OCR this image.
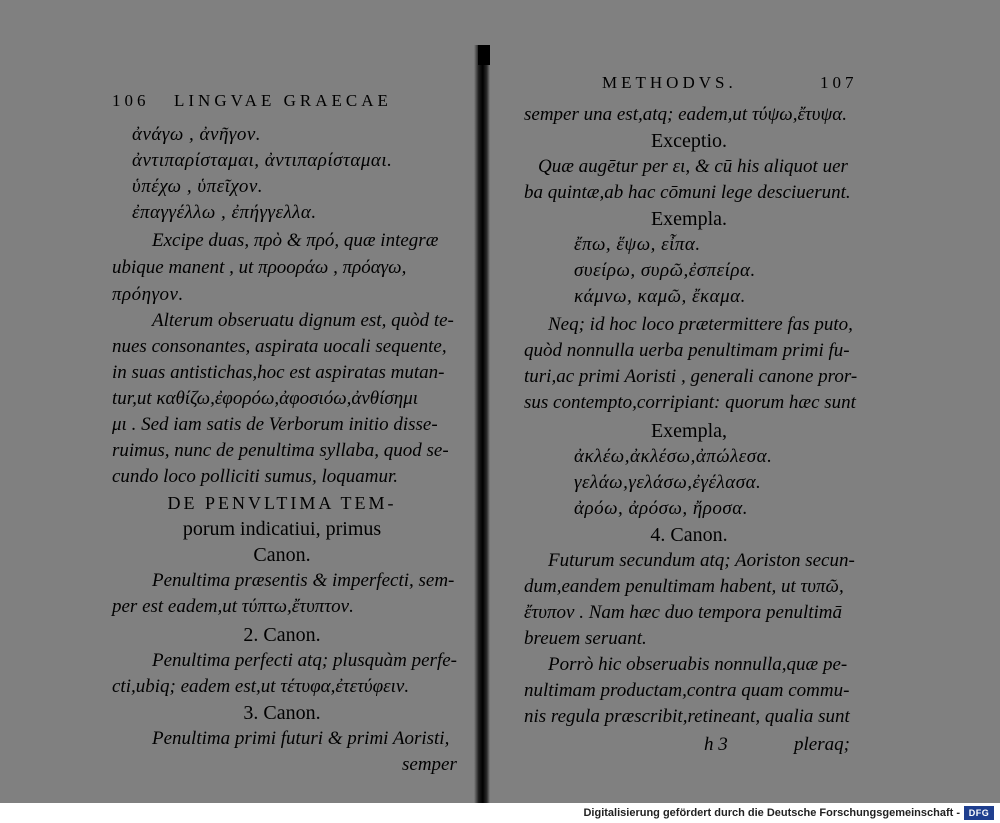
106 LINGVAE GRAECAE
ἀνάγω , ἀνῆγον.
ἀντιπαρίσταμαι, ἀντιπαρίσταμαι.
ὑπέχω , ὑπεῖχον.
ἐπαγγέλλω , ἐπήγγελλα.
Excipe duas, πρὸ & πρό, quæ integræ
ubique manent , ut προοράω , πρόαγω,
πρόηγον.
Alterum obseruatu dignum est, quòd te-
nues consonantes, aspirata uocali sequente,
in suas antistichas,hoc est aspiratas mutan-
tur,ut καθίζω,ἐφορόω,ἀφοσιόω,ἀνθίσημι
μι . Sed iam satis de Verborum initio disse-
ruimus, nunc de penultima syllaba, quod se-
cundo loco polliciti sumus, loquamur.
DE PENVLTIMA TEM-
porum indicatiui, primus
Canon.
Penultima præsentis & imperfecti, sem-
per est eadem,ut τύπτω,ἔτυπτον.
2. Canon.
Penultima perfecti atq; plusquàm perfe-
cti,ubiq; eadem est,ut τέτυφα,ἐτετύφειν.
3. Canon.
Penultima primi futuri & primi Aoristi,
semper
METHODVS.	107
semper una est,atq; eadem,ut τύψω,ἔτυψα.
Exceptio.
Quæ augētur per ει, & cū his aliquot uer
ba quintæ,ab hac cōmuni lege desciuerunt.
Exempla.
ἔπω, ἕψω, εἶπα.
συείρω, συρῶ,ἐσπείρα.
κάμνω, καμῶ, ἔκαμα.
Neq; id hoc loco prætermittere fas puto,
quòd nonnulla uerba penultimam primi fu-
turi,ac primi Aoristi , generali canone pror-
sus contempto,corripiant: quorum hæc sunt
Exempla,
ἀκλέω,ἀκλέσω,ἀπώλεσα.
γελάω,γελάσω,ἐγέλασα.
ἀρόω, ἀρόσω, ἤροσα.
4. Canon.
Futurum secundum atq; Aoriston secun-
dum,eandem penultimam habent, ut τυπῶ,
ἔτυπον . Nam hæc duo tempora penultimā
breuem seruant.
Porrò hic obseruabis nonnulla,quæ pe-
nultimam productam,contra quam commu-
nis regula præscribit,retineant, qualia sunt
h 3	pleraq;
Digitalisierung gefördert durch die Deutsche Forschungsgemeinschaft - DFG
